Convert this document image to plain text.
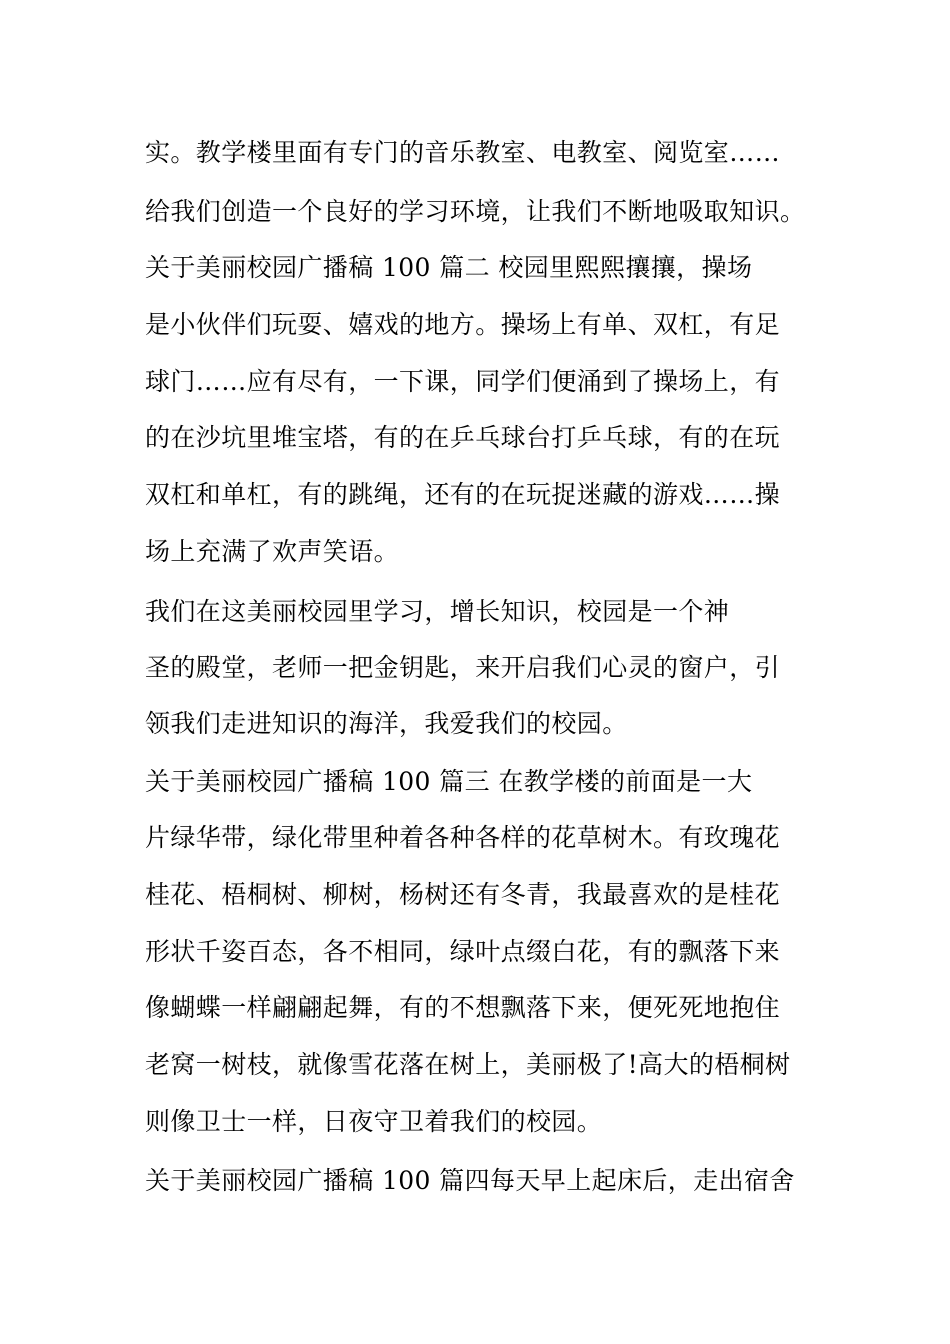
实。教学楼里面有专门的音乐教室、电教室、阅览室……
给我们创造一个良好的学习环境，让我们不断地吸取知识。
关于美丽校园广播稿 100 篇二 校园里熙熙攘攘，操场
是小伙伴们玩耍、嬉戏的地方。操场上有单、双杠，有足
球门……应有尽有，一下课，同学们便涌到了操场上，有
的在沙坑里堆宝塔，有的在乒乓球台打乒乓球，有的在玩
双杠和单杠，有的跳绳，还有的在玩捉迷藏的游戏……操
场上充满了欢声笑语。
我们在这美丽校园里学习，增长知识，校园是一个神
圣的殿堂，老师一把金钥匙，来开启我们心灵的窗户，引
领我们走进知识的海洋，我爱我们的校园。
关于美丽校园广播稿 100 篇三 在教学楼的前面是一大
片绿华带，绿化带里种着各种各样的花草树木。有玫瑰花
桂花、梧桐树、柳树，杨树还有冬青，我最喜欢的是桂花
形状千姿百态，各不相同，绿叶点缀白花，有的飘落下来
像蝴蝶一样翩翩起舞，有的不想飘落下来，便死死地抱住
老窝一树枝，就像雪花落在树上，美丽极了!高大的梧桐树
则像卫士一样，日夜守卫着我们的校园。
关于美丽校园广播稿 100 篇四每天早上起床后，走出宿舍
